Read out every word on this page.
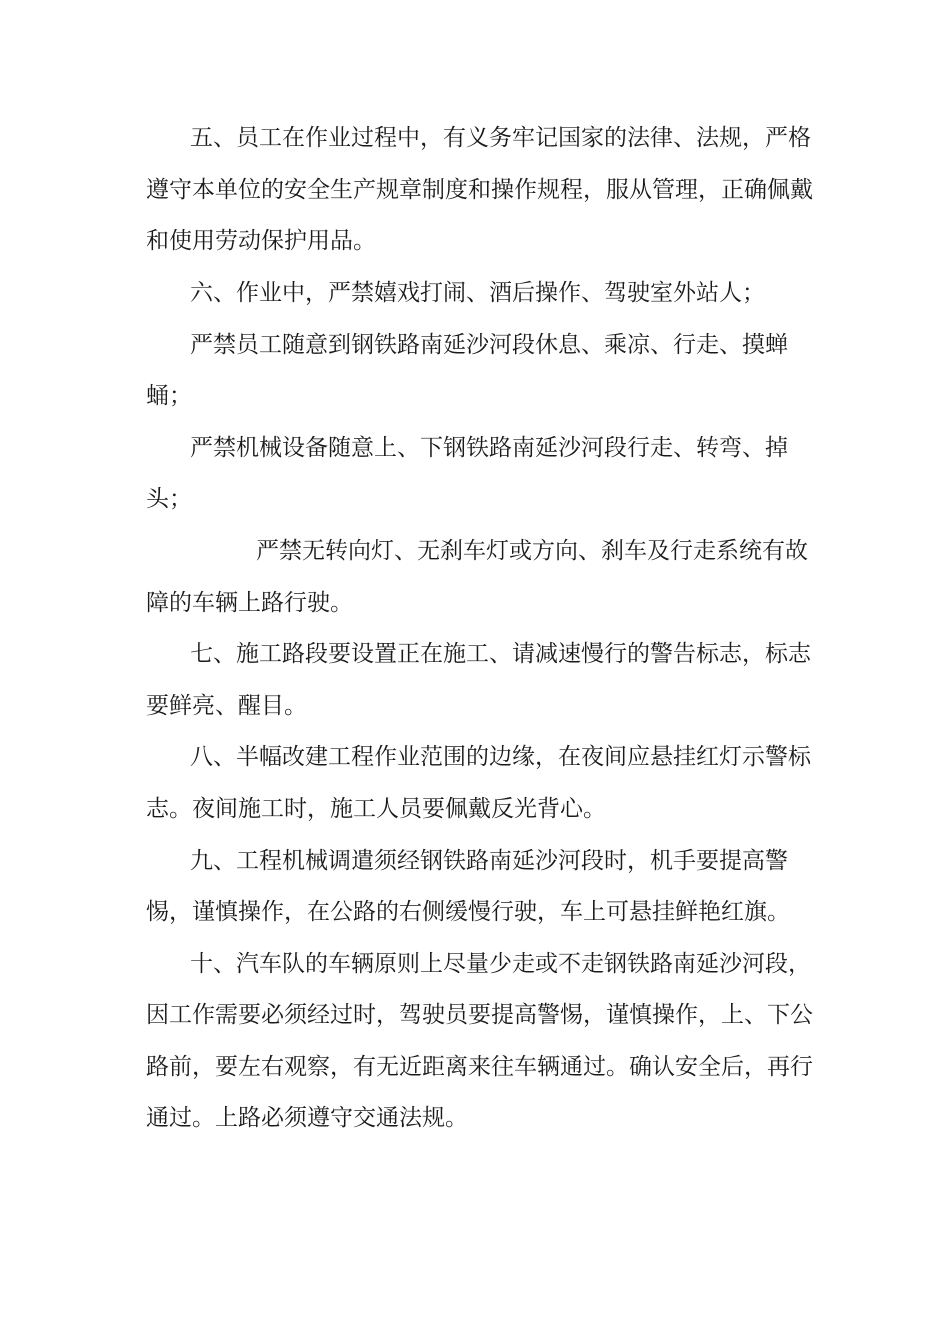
五、员工在作业过程中，有义务牢记国家的法律、法规，严格
遵守本单位的安全生产规章制度和操作规程，服从管理，正确佩戴
和使用劳动保护用品。
六、作业中，严禁嬉戏打闹、酒后操作、驾驶室外站人；
严禁员工随意到钢铁路南延沙河段休息、乘凉、行走、摸蝉
蛹；
严禁机械设备随意上、下钢铁路南延沙河段行走、转弯、掉
头；
严禁无转向灯、无刹车灯或方向、刹车及行走系统有故
障的车辆上路行驶。
七、施工路段要设置正在施工、请减速慢行的警告标志，标志
要鲜亮、醒目。
八、半幅改建工程作业范围的边缘，在夜间应悬挂红灯示警标
志。夜间施工时，施工人员要佩戴反光背心。
九、工程机械调遣须经钢铁路南延沙河段时，机手要提高警
惕，谨慎操作，在公路的右侧缓慢行驶，车上可悬挂鲜艳红旗。
十、汽车队的车辆原则上尽量少走或不走钢铁路南延沙河段，
因工作需要必须经过时，驾驶员要提高警惕，谨慎操作，上、下公
路前，要左右观察，有无近距离来往车辆通过。确认安全后，再行
通过。上路必须遵守交通法规。
